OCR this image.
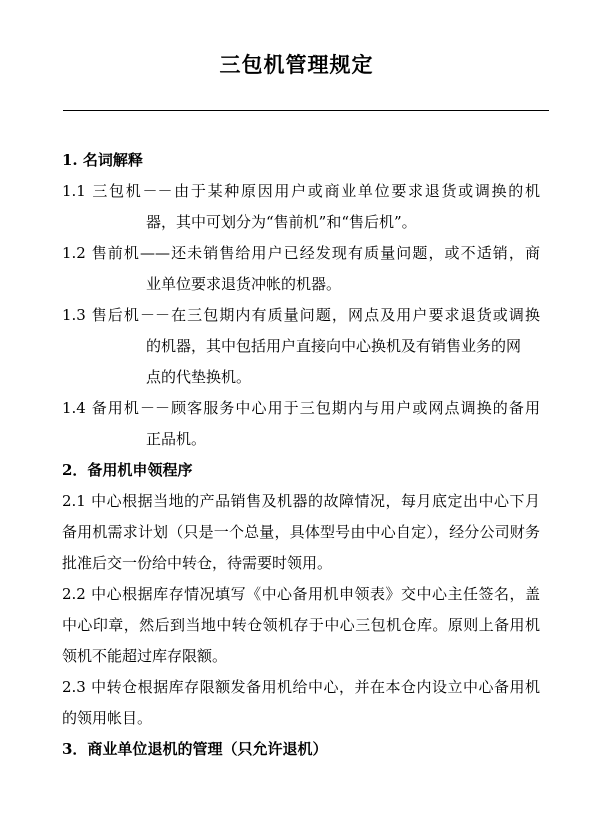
三包机管理规定

1. 名词解释

1.1 三包机－－由于某种原因用户或商业单位要求退货或调换的机
器，其中可划分为“售前机”和“售后机”。
1.2 售前机——还未销售给用户已经发现有质量问题，或不适销，商
业单位要求退货冲帐的机器。
1.3 售后机－－在三包期内有质量问题，网点及用户要求退货或调换
的机器，其中包括用户直接向中心换机及有销售业务的网
点的代垫换机。
1.4 备用机－－顾客服务中心用于三包期内与用户或网点调换的备用
正品机。

2．备用机申领程序

2.1 中心根据当地的产品销售及机器的故障情况，每月底定出中心下月备用机需求计划（只是一个总量，具体型号由中心自定），经分公司财务批准后交一份给中转仓，待需要时领用。

2.2 中心根据库存情况填写《中心备用机申领表》交中心主任签名，盖中心印章，然后到当地中转仓领机存于中心三包机仓库。原则上备用机领机不能超过库存限额。

2.3 中转仓根据库存限额发备用机给中心，并在本仓内设立中心备用机的领用帐目。

3．商业单位退机的管理（只允许退机）
